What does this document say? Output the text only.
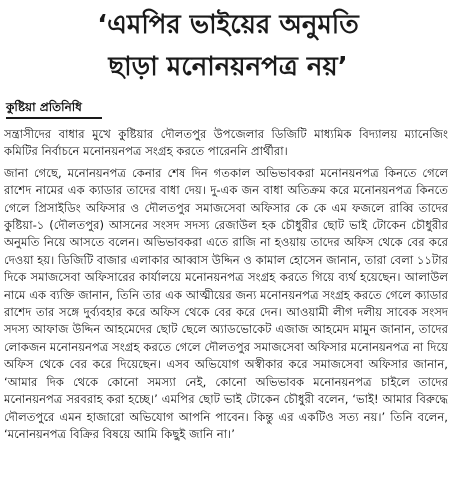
‘এমপির ভাইয়ের অনুমতি
ছাড়া মনোনয়নপত্র নয়’
কুষ্টিয়া প্রতিনিধি

সন্ত্রাসীদের বাধার মুখে কুষ্টিয়ার দৌলতপুর উপজেলার ডিজিটি মাধ্যমিক বিদ্যালয় ম্যানেজিং কমিটির নির্বাচনে মনোনয়নপত্র সংগ্রহ করতে পারেননি প্রার্থীরা।

জানা গেছে, মনোনয়নপত্র কেনার শেষ দিন গতকাল অভিভাবকরা মনোনয়নপত্র কিনতে গেলে রাশেদ নামের এক ক্যাডার তাদের বাধা দেয়। দু-এক জন বাধা অতিক্রম করে মনোনয়নপত্র কিনতে গেলে প্রিসাইডিং অফিসার ও দৌলতপুর সমাজসেবা অফিসার কে কে এম ফজলে রাব্বি তাদের কুষ্টিয়া-১ (দৌলতপুর) আসনের সংসদ সদস্য রেজাউল হক চৌধুরীর ছোট ভাই টোকেন চৌধুরীর অনুমতি নিয়ে আসতে বলেন। অভিভাবকরা এতে রাজি না হওয়ায় তাদের অফিস থেকে বের করে দেওয়া হয়। ডিজিটি বাজার এলাকার আব্বাস উদ্দিন ও কামাল হোসেন জানান, তারা বেলা ১১টার দিকে সমাজসেবা অফিসারের কার্যালয়ে মনোনয়নপত্র সংগ্রহ করতে গিয়ে ব্যর্থ হয়েছেন। আলাউল নামে এক ব্যক্তি জানান, তিনি তার এক আত্মীয়ের জন্য মনোনয়নপত্র সংগ্রহ করতে গেলে ক্যাডার রাশেদ তার সঙ্গে দুর্ব্যবহার করে অফিস থেকে বের করে দেন। আওয়ামী লীগ দলীয় সাবেক সংসদ সদস্য আফাজ উদ্দিন আহমেদের ছোট ছেলে অ্যাডভোকেট এজাজ আহমেদ মামুন জানান, তাদের লোকজন মনোনয়নপত্র সংগ্রহ করতে গেলে দৌলতপুর সমাজসেবা অফিসার মনোনয়নপত্র না দিয়ে অফিস থেকে বের করে দিয়েছেন। এসব অভিযোগ অস্বীকার করে সমাজসেবা অফিসার জানান, ‘আমার দিক থেকে কোনো সমস্যা নেই, কোনো অভিভাবক মনোনয়নপত্র চাইলে তাদের মনোনয়নপত্র সরবরাহ করা হচ্ছে।’ এমপির ছোট ভাই টোকেন চৌধুরী বলেন, ‘ভাই! আমার বিরুদ্ধে দৌলতপুরে এমন হাজারো অভিযোগ আপনি পাবেন। কিন্তু এর একটিও সত্য নয়।’ তিনি বলেন, ‘মনোনয়নপত্র বিক্রির বিষয়ে আমি কিছুই জানি না।’
